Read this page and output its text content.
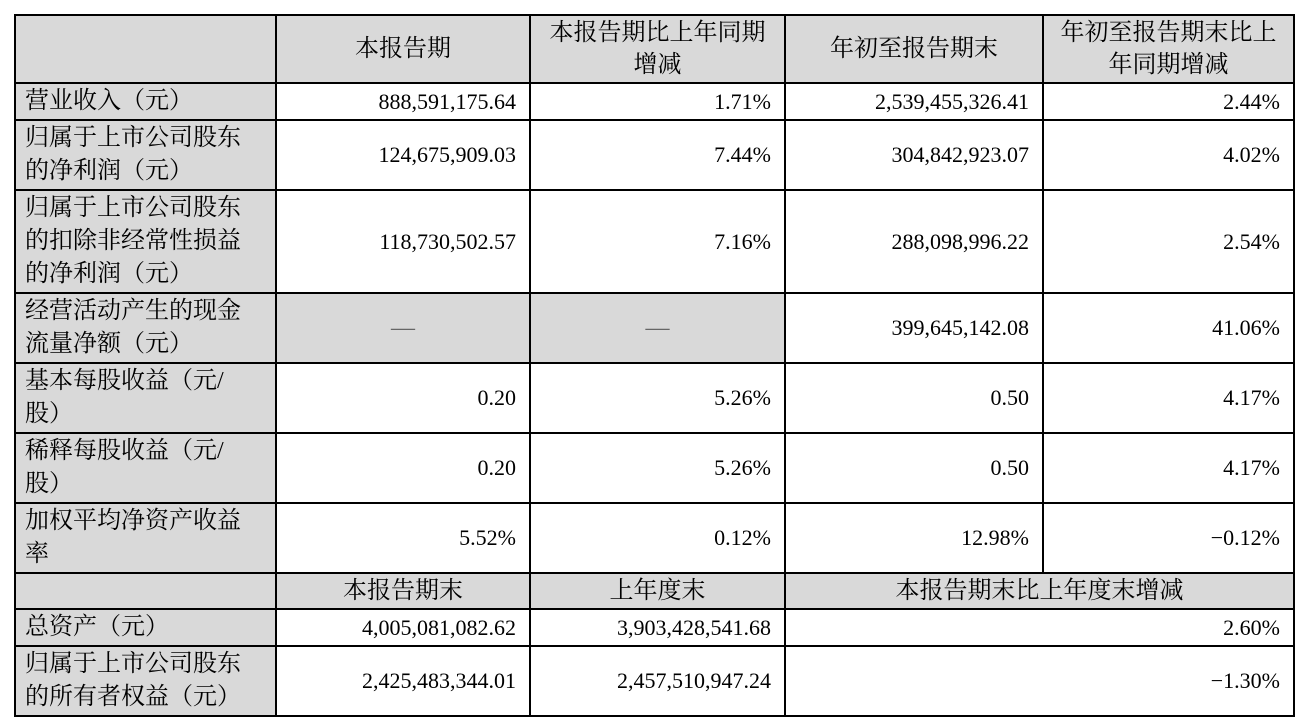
	本报告期	本报告期比上年同期增减	年初至报告期末	年初至报告期末比上年同期增减
营业收入（元）	888,591,175.64	1.71%	2,539,455,326.41	2.44%
归属于上市公司股东的净利润（元）	124,675,909.03	7.44%	304,842,923.07	4.02%
归属于上市公司股东的扣除非经常性损益的净利润（元）	118,730,502.57	7.16%	288,098,996.22	2.54%
经营活动产生的现金流量净额（元）	—	—	399,645,142.08	41.06%
基本每股收益（元/股）	0.20	5.26%	0.50	4.17%
稀释每股收益（元/股）	0.20	5.26%	0.50	4.17%
加权平均净资产收益率	5.52%	0.12%	12.98%	−0.12%
	本报告期末	上年度末	本报告期末比上年度末增减	
总资产（元）	4,005,081,082.62	3,903,428,541.68	2.60%	
归属于上市公司股东的所有者权益（元）	2,425,483,344.01	2,457,510,947.24	−1.30%	
